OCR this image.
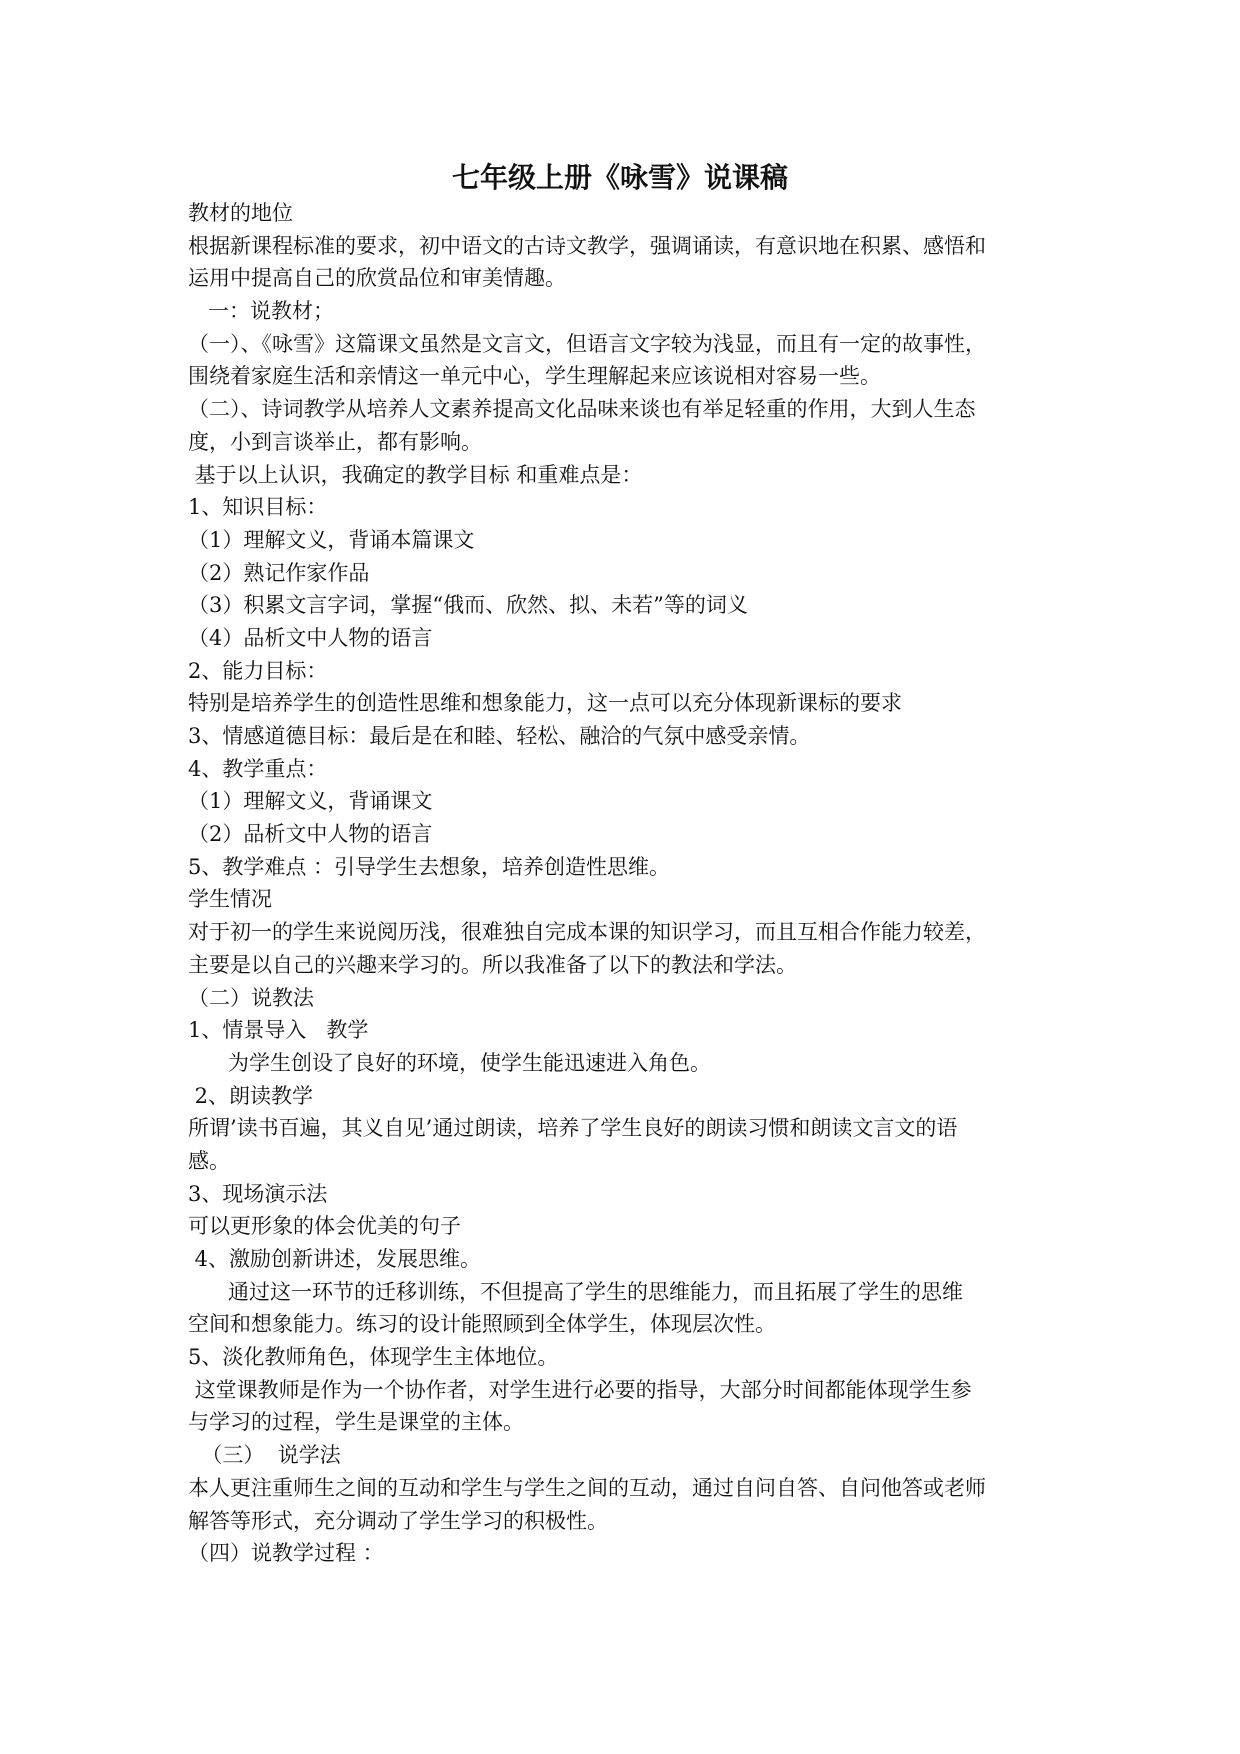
七年级上册《咏雪》说课稿

教材的地位

根据新课程标准的要求，初中语文的古诗文教学，强调诵读，有意识地在积累、感悟和

运用中提高自己的欣赏品位和审美情趣。

一：说教材；

（一）、《咏雪》这篇课文虽然是文言文，但语言文字较为浅显，而且有一定的故事性，

围绕着家庭生活和亲情这一单元中心，学生理解起来应该说相对容易一些。

（二）、诗词教学从培养人文素养提高文化品味来谈也有举足轻重的作用，大到人生态

度，小到言谈举止，都有影响。

基于以上认识，我确定的教学目标 和重难点是：

1、知识目标：

（1）理解文义，背诵本篇课文

（2）熟记作家作品

（3）积累文言字词，掌握“俄而、欣然、拟、未若”等的词义

（4）品析文中人物的语言

2、能力目标：

特别是培养学生的创造性思维和想象能力，这一点可以充分体现新课标的要求

3、情感道德目标：最后是在和睦、轻松、融洽的气氛中感受亲情。

4、教学重点：

（1）理解文义，背诵课文

（2）品析文中人物的语言

5、教学难点 ：引导学生去想象，培养创造性思维。

学生情况

对于初一的学生来说阅历浅，很难独自完成本课的知识学习，而且互相合作能力较差，

主要是以自己的兴趣来学习的。所以我准备了以下的教法和学法。

（二）说教法

1、情景导入   教学

为学生创设了良好的环境，使学生能迅速进入角色。

2、朗读教学

所谓’读书百遍，其义自见’通过朗读，培养了学生良好的朗读习惯和朗读文言文的语

感。

3、现场演示法

可以更形象的体会优美的句子

4、激励创新讲述，发展思维。

通过这一环节的迁移训练，不但提高了学生的思维能力，而且拓展了学生的思维

空间和想象能力。练习的设计能照顾到全体学生，体现层次性。

5、淡化教师角色，体现学生主体地位。

这堂课教师是作为一个协作者，对学生进行必要的指导，大部分时间都能体现学生参

与学习的过程，学生是课堂的主体。

（三）  说学法

本人更注重师生之间的互动和学生与学生之间的互动，通过自问自答、自问他答或老师

解答等形式，充分调动了学生学习的积极性。

（四）说教学过程 ：
